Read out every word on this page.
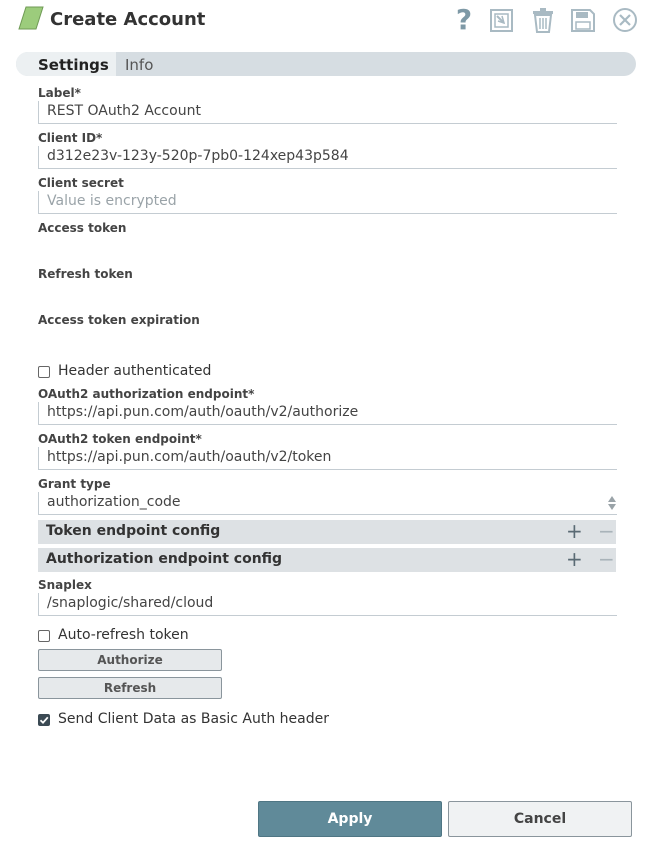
Create Account	?
Settings Info
Label*
REST OAuth2 Account
Client ID*
d312e23v-123y-520p-7pb0-124xep43p584
Client secret
Value is encrypted
Access token
Refresh token
Access token expiration
Header authenticated
OAuth2 authorization endpoint*
https://api.pun.com/auth/oauth/v2/authorize
OAuth2 token endpoint*
https://api.pun.com/auth/oauth/v2/token
Grant type
authorization_code
Token endpoint config	+ −
Authorization endpoint config	+ −
Snaplex
/snaplogic/shared/cloud
Auto-refresh token
Authorize
Refresh
Send Client Data as Basic Auth header
Apply	Cancel
